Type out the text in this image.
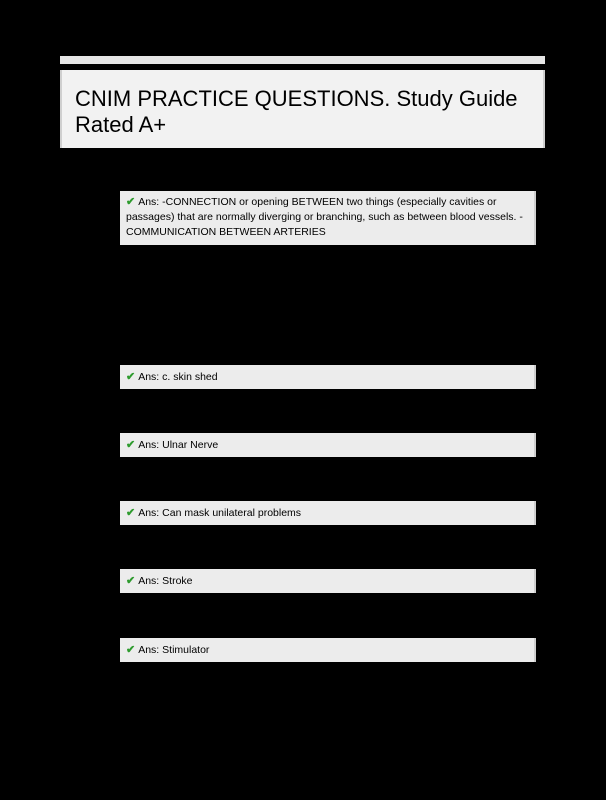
CNIM PRACTICE QUESTIONS. Study Guide Rated A+
✔ Ans: -CONNECTION or opening BETWEEN two things (especially cavities or passages) that are normally diverging or branching, such as between blood vessels. -COMMUNICATION BETWEEN ARTERIES
✔ Ans: c. skin shed
✔ Ans: Ulnar Nerve
✔ Ans: Can mask unilateral problems
✔ Ans: Stroke
✔ Ans: Stimulator
